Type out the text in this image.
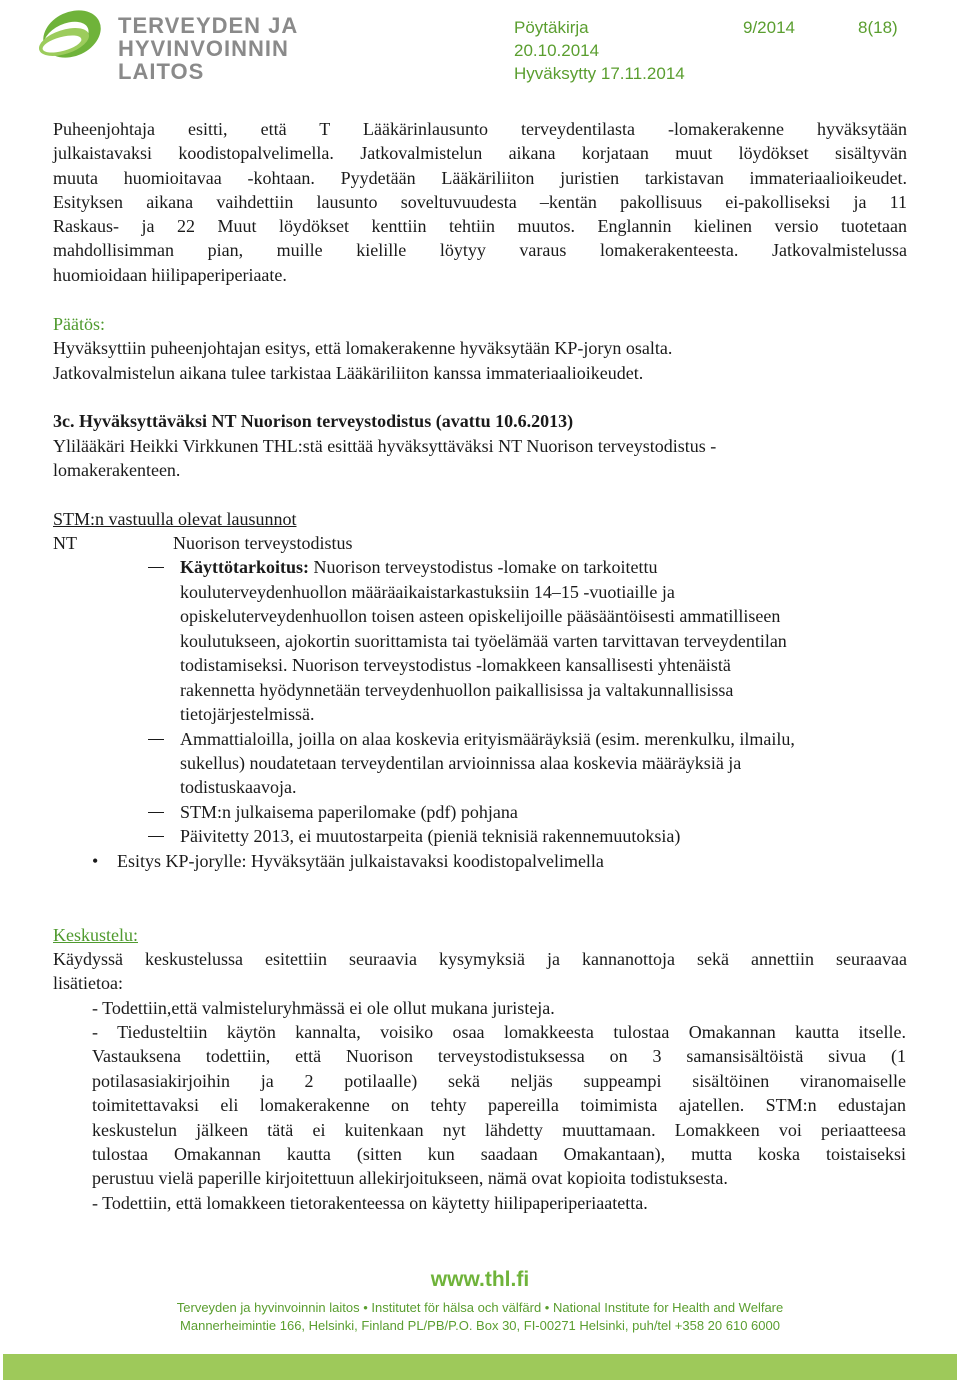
TERVEYDEN JA
HYVINVOINNIN LAITOS
Pöytäkirja	9/2014	8(18)
20.10.2014
Hyväksytty 17.11.2014
Puheenjohtaja esitti, että T Lääkärinlausunto terveydentilasta -lomakerakenne hyväksytään
julkaistavaksi koodistopalvelimella. Jatkovalmistelun aikana korjataan muut löydökset sisältyvän
muuta huomioitavaa -kohtaan. Pyydetään Lääkäriliiton juristien tarkistavan immateriaalioikeudet.
Esityksen aikana vaihdettiin lausunto soveltuvuudesta –kentän pakollisuus ei-pakolliseksi ja 11
Raskaus- ja 22 Muut löydökset kenttiin tehtiin muutos. Englannin kielinen versio tuotetaan
mahdollisimman pian, muille kielille löytyy varaus lomakerakenteesta. Jatkovalmistelussa
huomioidaan hiilipaperiperiaate.
Päätös:
Hyväksyttiin puheenjohtajan esitys, että lomakerakenne hyväksytään KP-joryn osalta.
Jatkovalmistelun aikana tulee tarkistaa Lääkäriliiton kanssa immateriaalioikeudet.
3c. Hyväksyttäväksi NT Nuorison terveystodistus (avattu 10.6.2013)
Ylilääkäri Heikki Virkkunen THL:stä esittää hyväksyttäväksi NT Nuorison terveystodistus -
lomakerakenteen.
STM:n vastuulla olevat lausunnot
NT	Nuorison terveystodistus
Käyttötarkoitus: Nuorison terveystodistus -lomake on tarkoitettu
kouluterveydenhuollon määräaikaistarkastuksiin 14–15 -vuotiaille ja
opiskeluterveydenhuollon toisen asteen opiskelijoille pääsääntöisesti ammatilliseen
koulutukseen, ajokortin suorittamista tai työelämää varten tarvittavan terveydentilan
todistamiseksi. Nuorison terveystodistus -lomakkeen kansallisesti yhtenäistä
rakennetta hyödynnetään terveydenhuollon paikallisissa ja valtakunnallisissa
tietojärjestelmissä.
Ammattialoilla, joilla on alaa koskevia erityismääräyksiä (esim. merenkulku, ilmailu,
sukellus) noudatetaan terveydentilan arvioinnissa alaa koskevia määräyksiä ja
todistuskaavoja.
STM:n julkaisema paperilomake (pdf) pohjana
Päivitetty 2013, ei muutostarpeita (pieniä teknisiä rakennemuutoksia)
• Esitys KP-jorylle: Hyväksytään julkaistavaksi koodistopalvelimella
Keskustelu:
Käydyssä keskustelussa esitettiin seuraavia kysymyksiä ja kannanottoja sekä annettiin seuraavaa
lisätietoa:
- Todettiin,että valmisteluryhmässä ei ole ollut mukana juristeja.
- Tiedusteltiin käytön kannalta, voisiko osaa lomakkeesta tulostaa Omakannan kautta itselle.
Vastauksena todettiin, että Nuorison terveystodistuksessa on 3 samansisältöistä sivua (1
potilasasiakirjoihin ja 2 potilaalle) sekä neljäs suppeampi sisältöinen viranomaiselle
toimitettavaksi eli lomakerakenne on tehty papereilla toimimista ajatellen. STM:n edustajan
keskustelun jälkeen tätä ei kuitenkaan nyt lähdetty muuttamaan. Lomakkeen voi periaatteesa
tulostaa Omakannan kautta (sitten kun saadaan Omakantaan), mutta koska toistaiseksi
perustuu vielä paperille kirjoitettuun allekirjoitukseen, nämä ovat kopioita todistuksesta.
- Todettiin, että lomakkeen tietorakenteessa on käytetty hiilipaperiperiaatetta.
www.thl.fi
Terveyden ja hyvinvoinnin laitos • Institutet för hälsa och välfärd • National Institute for Health and Welfare
Mannerheimintie 166, Helsinki, Finland PL/PB/P.O. Box 30, FI-00271 Helsinki, puh/tel +358 20 610 6000
